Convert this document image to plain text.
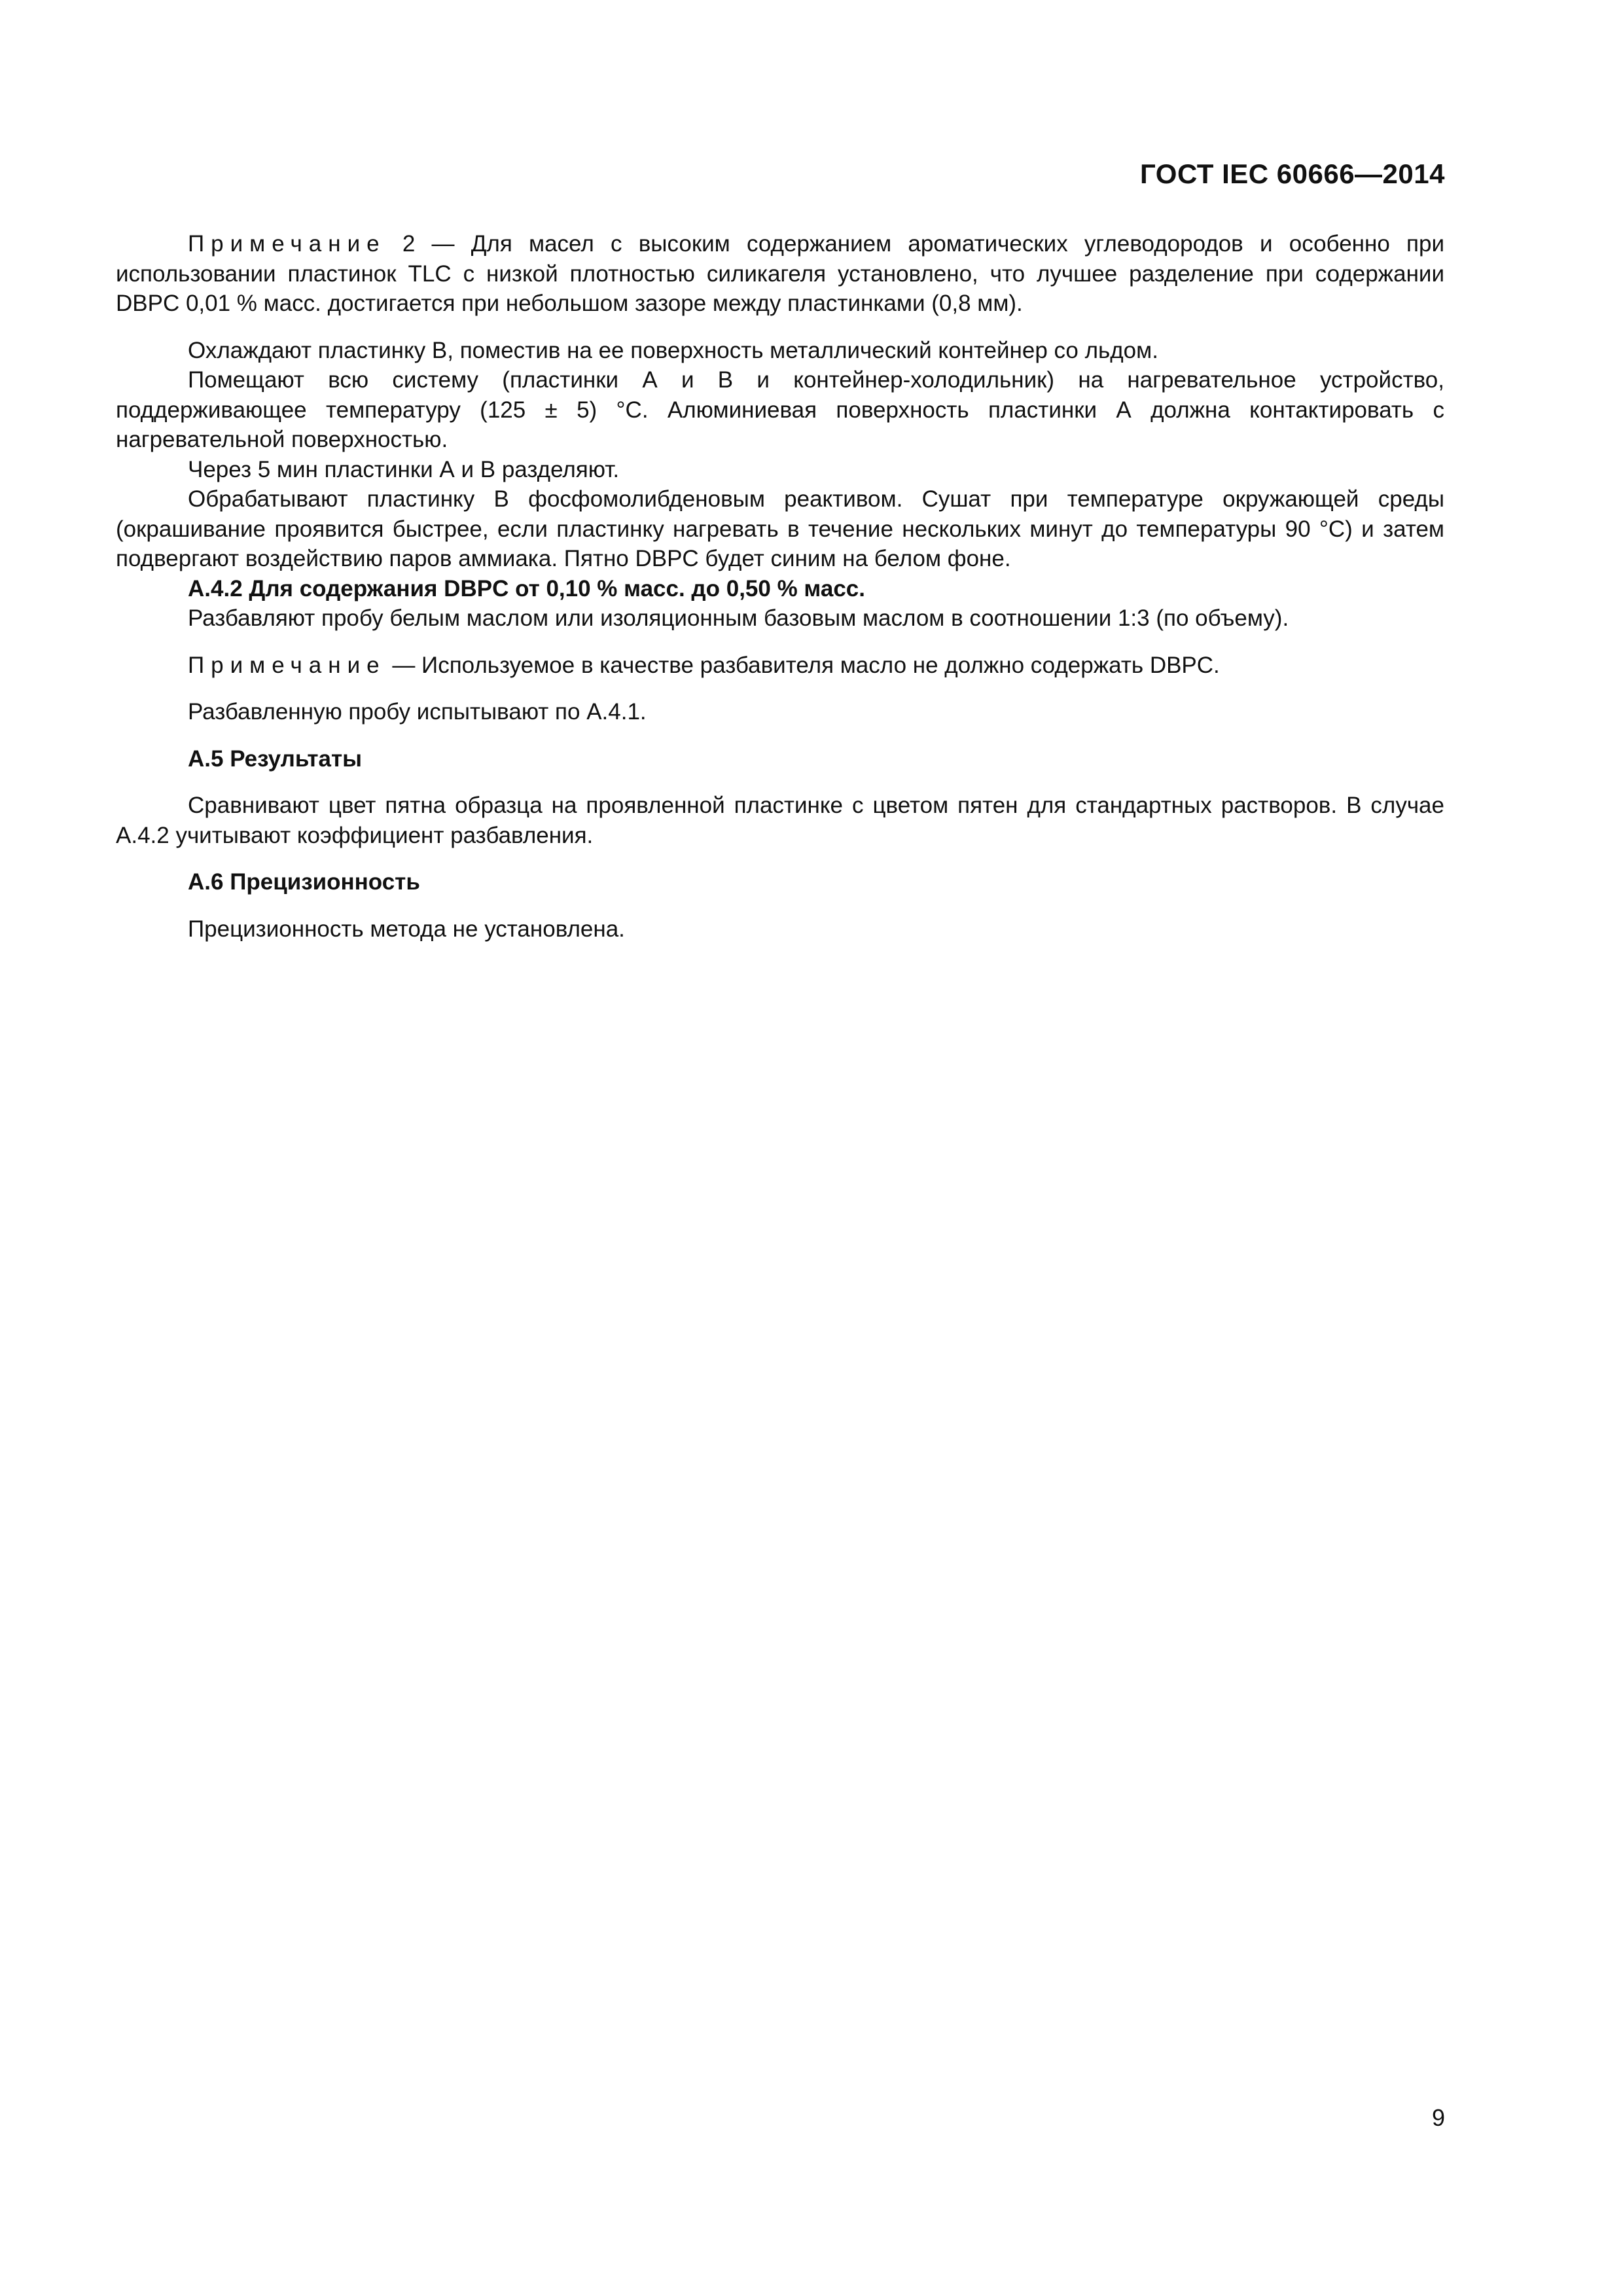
ГОСТ IEC 60666—2014

Примечание 2 — Для масел с высоким содержанием ароматических углеводородов и особенно при использовании пластинок TLC с низкой плотностью силикагеля установлено, что лучшее разделение при содержании DBPC 0,01 % масс. достигается при небольшом зазоре между пластинками (0,8 мм).

Охлаждают пластинку В, поместив на ее поверхность металлический контейнер со льдом.

Помещают всю систему (пластинки А и В и контейнер-холодильник) на нагревательное устройство, поддерживающее температуру (125 ± 5) °С. Алюминиевая поверхность пластинки А должна контактировать с нагревательной поверхностью.

Через 5 мин пластинки А и В разделяют.

Обрабатывают пластинку В фосфомолибденовым реактивом. Сушат при температуре окружающей среды (окрашивание проявится быстрее, если пластинку нагревать в течение нескольких минут до температуры 90 °С) и затем подвергают воздействию паров аммиака. Пятно DBPC будет синим на белом фоне.

А.4.2 Для содержания DBPC от 0,10 % масс. до 0,50 % масс.

Разбавляют пробу белым маслом или изоляционным базовым маслом в соотношении 1:3 (по объему).

Примечание — Используемое в качестве разбавителя масло не должно содержать DBPC.

Разбавленную пробу испытывают по А.4.1.

А.5 Результаты

Сравнивают цвет пятна образца на проявленной пластинке с цветом пятен для стандартных растворов. В случае А.4.2 учитывают коэффициент разбавления.

А.6 Прецизионность

Прецизионность метода не установлена.

9
